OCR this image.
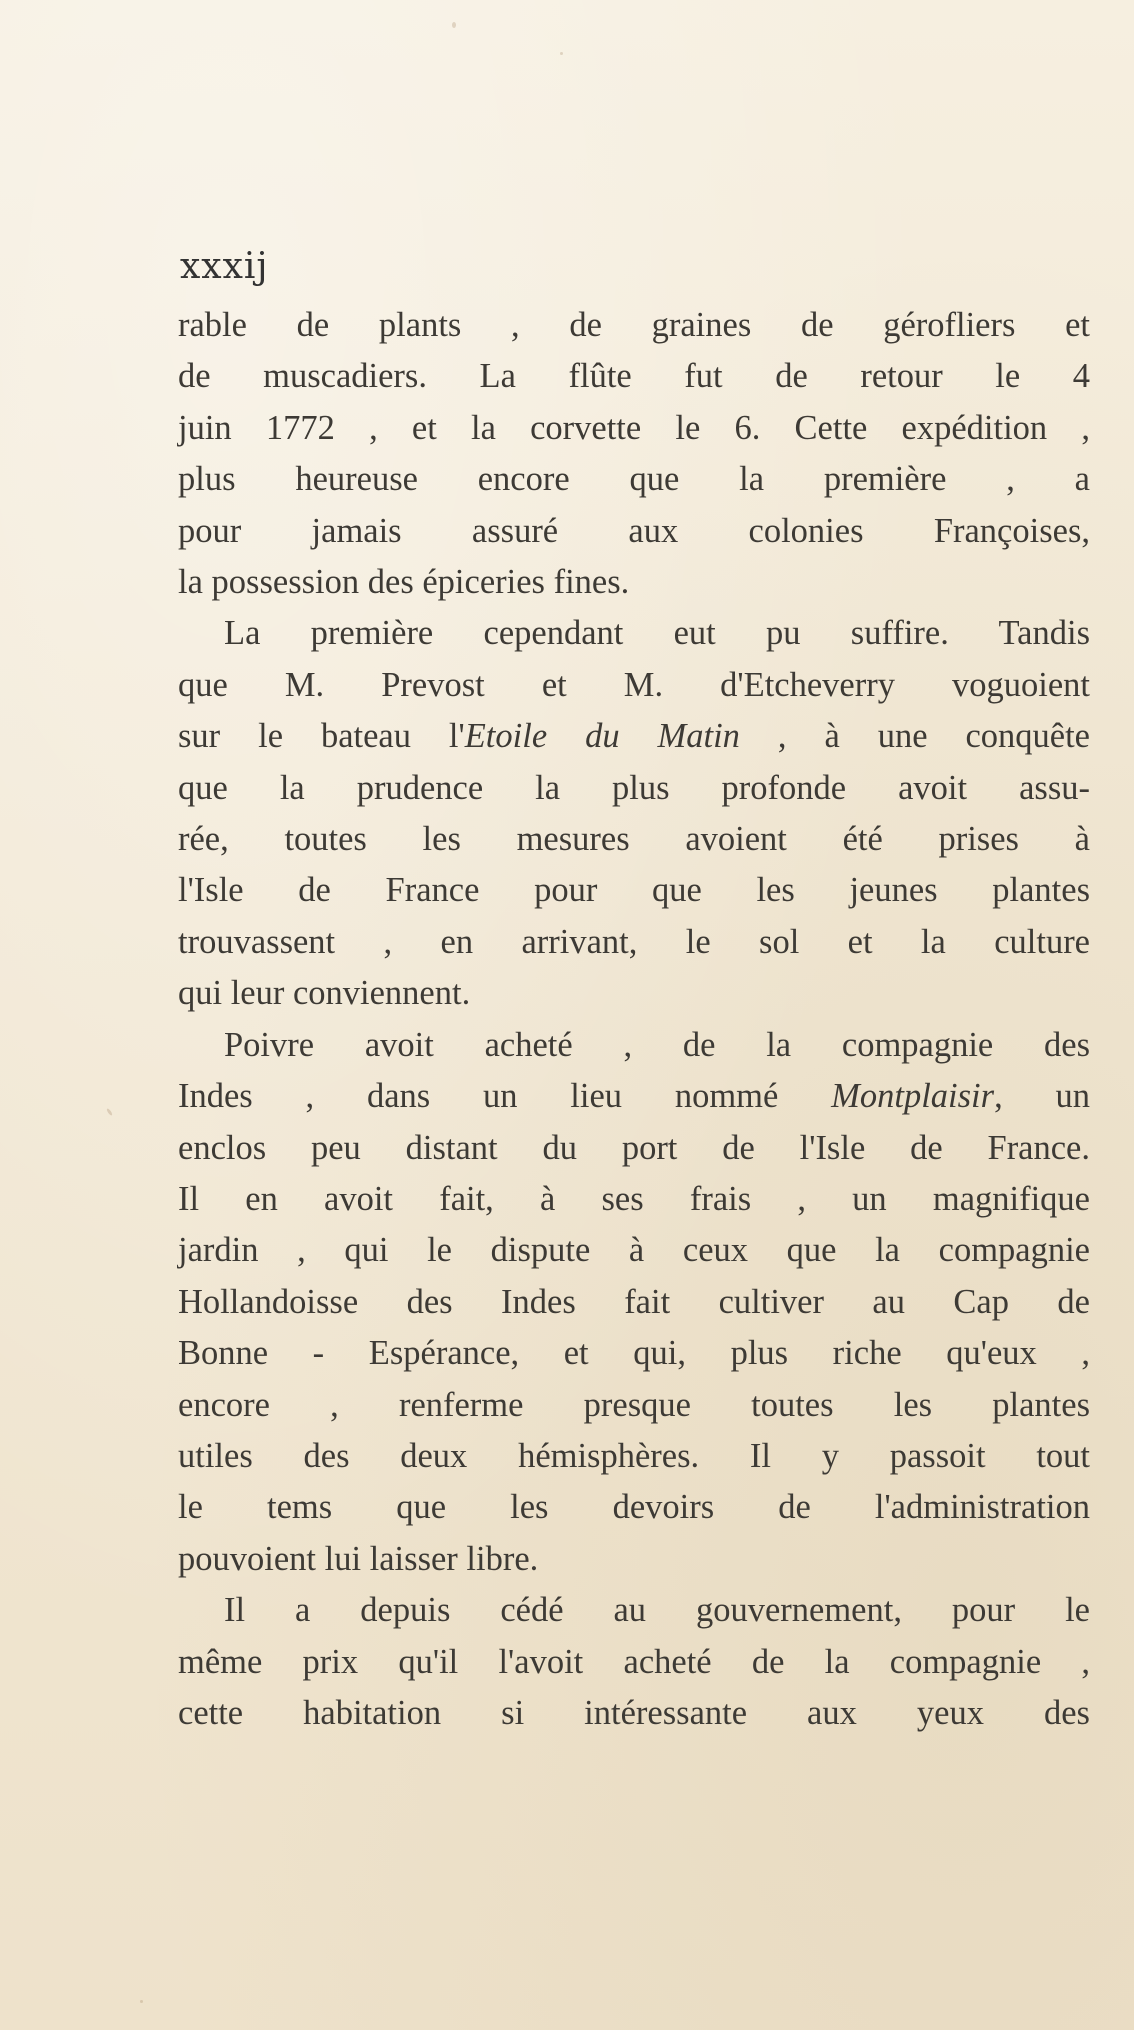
xxxij
rable de plants , de graines de gérofliers et
de muscadiers. La flûte fut de retour le 4
juin 1772 , et la corvette le 6. Cette expédition ,
plus heureuse encore que la première , a
pour jamais assuré aux colonies Françoises,
la possession des épiceries fines.
La première cependant eut pu suffire. Tandis
que M. Prevost et M. d'Etcheverry voguoient
sur le bateau l'Etoile du Matin , à une conquête
que la prudence la plus profonde avoit assu-
rée, toutes les mesures avoient été prises à
l'Isle de France pour que les jeunes plantes
trouvassent , en arrivant, le sol et la culture
qui leur conviennent.
Poivre avoit acheté , de la compagnie des
Indes , dans un lieu nommé Montplaisir, un
enclos peu distant du port de l'Isle de France.
Il en avoit fait, à ses frais , un magnifique
jardin , qui le dispute à ceux que la compagnie
Hollandoisse des Indes fait cultiver au Cap de
Bonne - Espérance, et qui, plus riche qu'eux ,
encore , renferme presque toutes les plantes
utiles des deux hémisphères. Il y passoit tout
le tems que les devoirs de l'administration
pouvoient lui laisser libre.
Il a depuis cédé au gouvernement, pour le
même prix qu'il l'avoit acheté de la compagnie ,
cette habitation si intéressante aux yeux des
